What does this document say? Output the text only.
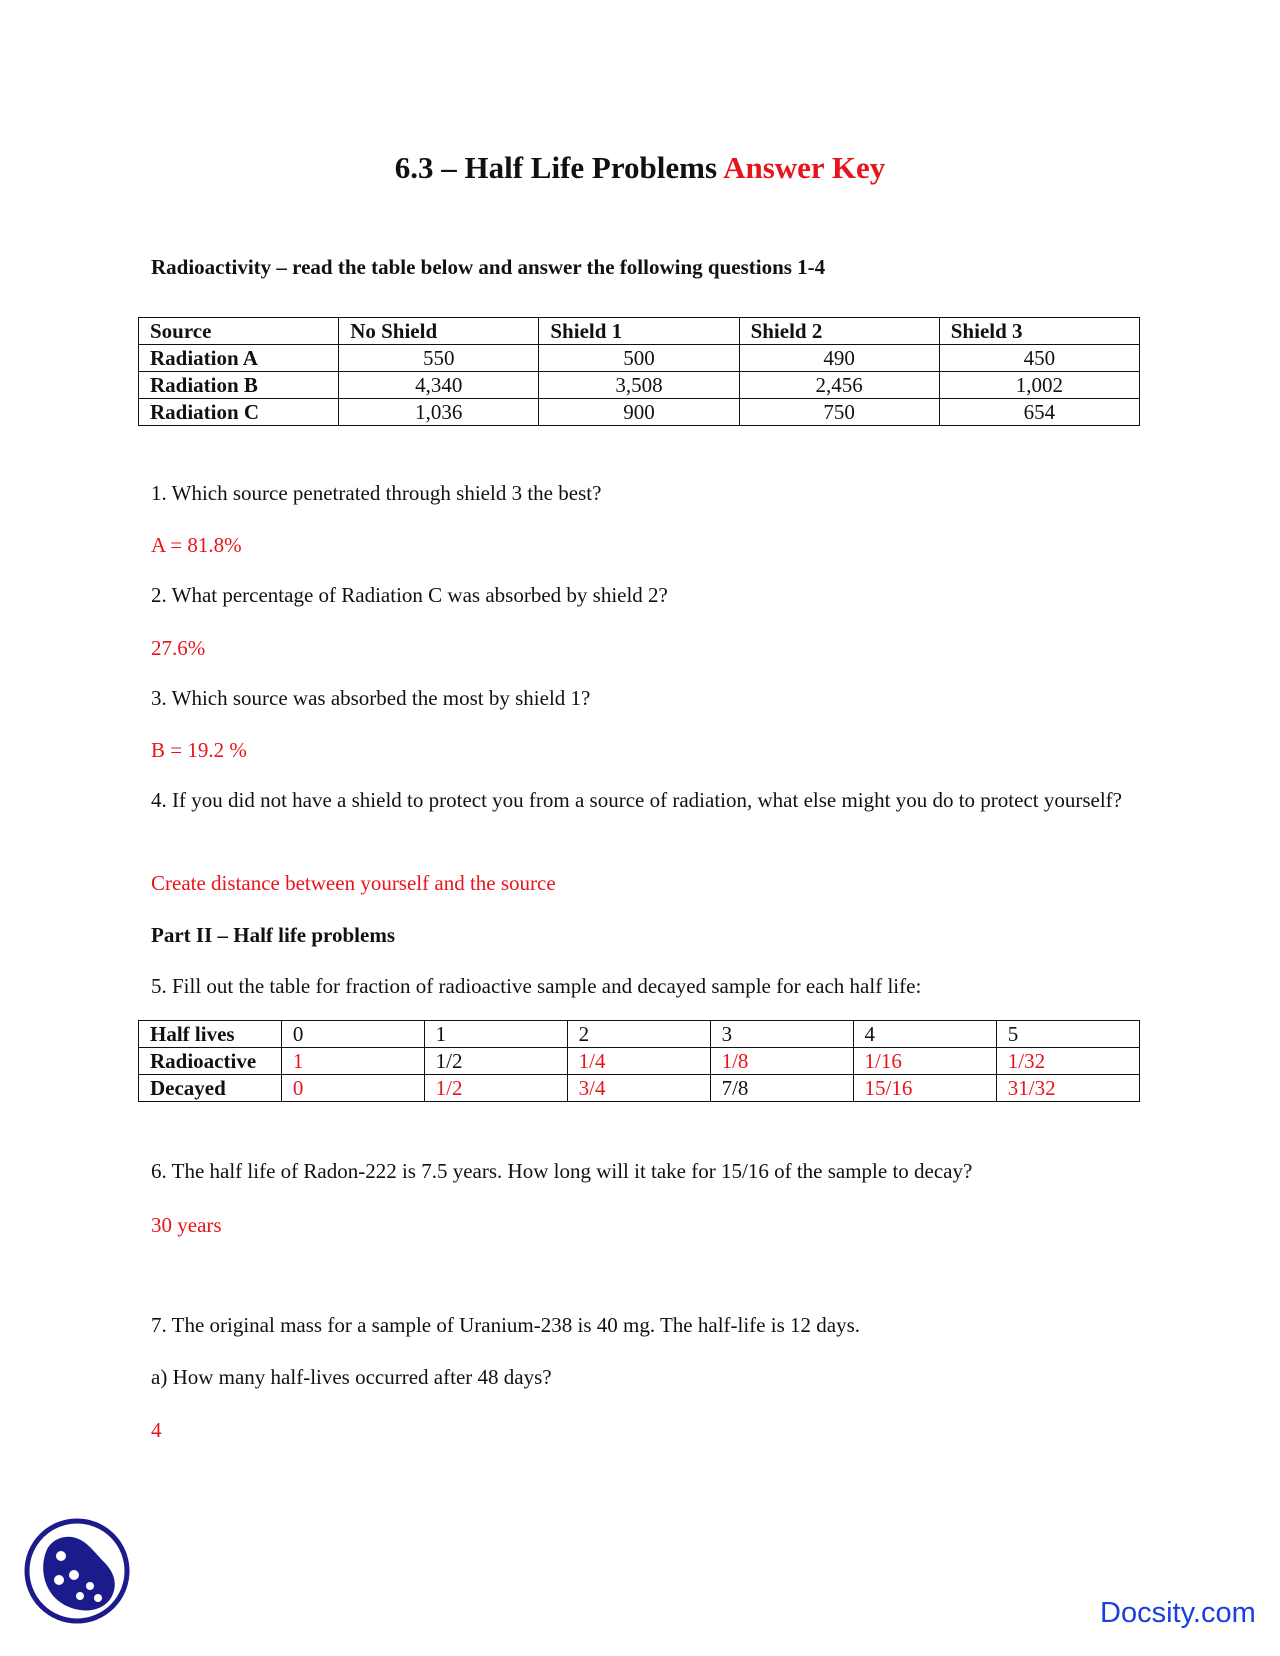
6.3 – Half Life Problems Answer Key
Radioactivity – read the table below and answer the following questions 1-4
Source	No Shield	Shield 1	Shield 2	Shield 3
Radiation A	550	500	490	450
Radiation B	4,340	3,508	2,456	1,002
Radiation C	1,036	900	750	654
1. Which source penetrated through shield 3 the best?
A = 81.8%
2. What percentage of Radiation C was absorbed by shield 2?
27.6%
3. Which source was absorbed the most by shield 1?
B = 19.2 %
4. If you did not have a shield to protect you from a source of radiation, what else might you do to protect yourself?
Create distance between yourself and the source
Part II – Half life problems
5. Fill out the table for fraction of radioactive sample and decayed sample for each half life:
Half lives	0	1	2	3	4	5
Radioactive	1	1/2	1/4	1/8	1/16	1/32
Decayed	0	1/2	3/4	7/8	15/16	31/32
6. The half life of Radon-222 is 7.5 years. How long will it take for 15/16 of the sample to decay?
30 years
7. The original mass for a sample of Uranium-238 is 40 mg. The half-life is 12 days.
a) How many half-lives occurred after 48 days?
4
Docsity.com
